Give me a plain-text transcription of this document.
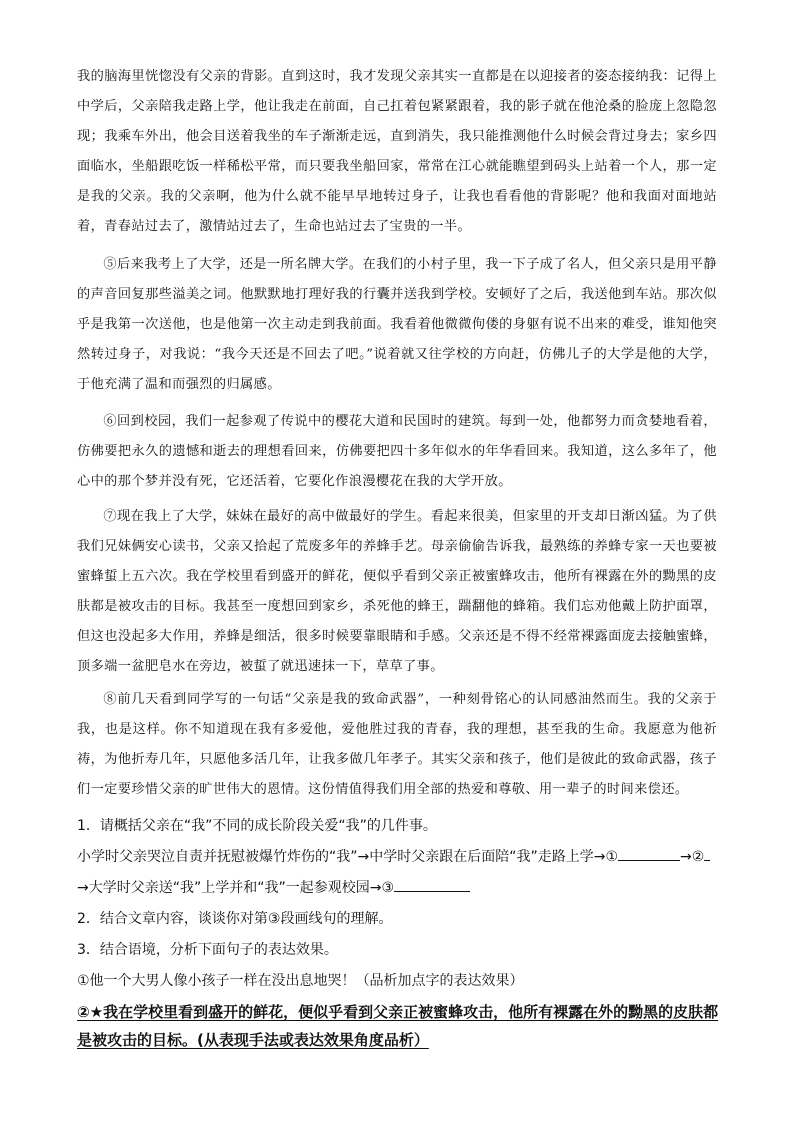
我的脑海里恍惚没有父亲的背影。直到这时，我才发现父亲其实一直都是在以迎接者的姿态接纳我：记得上中学后，父亲陪我走路上学，他让我走在前面，自己扛着包紧紧跟着，我的影子就在他沧桑的脸庞上忽隐忽现；我乘车外出，他会目送着我坐的车子渐渐走远，直到消失，我只能推测他什么时候会背过身去；家乡四面临水，坐船跟吃饭一样稀松平常，而只要我坐船回家，常常在江心就能瞧望到码头上站着一个人，那一定是我的父亲。我的父亲啊，他为什么就不能早早地转过身子，让我也看看他的背影呢？他和我面对面地站着，青春站过去了，激情站过去了，生命也站过去了宝贵的一半。
⑤后来我考上了大学，还是一所名牌大学。在我们的小村子里，我一下子成了名人，但父亲只是用平静的声音回复那些溢美之词。他默默地打理好我的行囊并送我到学校。安顿好了之后，我送他到车站。那次似乎是我第一次送他，也是他第一次主动走到我前面。我看着他微微佝偻的身躯有说不出来的难受，谁知他突然转过身子，对我说：“我今天还是不回去了吧。”说着就又往学校的方向赶，仿佛儿子的大学是他的大学，于他充满了温和而强烈的归属感。
⑥回到校园，我们一起参观了传说中的樱花大道和民国时的建筑。每到一处，他都努力而贪婪地看着，仿佛要把永久的遗憾和逝去的理想看回来，仿佛要把四十多年似水的年华看回来。我知道，这么多年了，他心中的那个梦并没有死，它还活着，它要化作浪漫樱花在我的大学开放。
⑦现在我上了大学，妹妹在最好的高中做最好的学生。看起来很美，但家里的开支却日渐凶猛。为了供我们兄妹俩安心读书，父亲又拾起了荒废多年的养蜂手艺。母亲偷偷告诉我，最熟练的养蜂专家一天也要被蜜蜂蜇上五六次。我在学校里看到盛开的鲜花，便似乎看到父亲正被蜜蜂攻击，他所有裸露在外的黝黑的皮肤都是被攻击的目标。我甚至一度想回到家乡，杀死他的蜂王，踹翻他的蜂箱。我们忘劝他戴上防护面罩，但这也没起多大作用，养蜂是细活，很多时候要靠眼睛和手感。父亲还是不得不经常裸露面庞去接触蜜蜂，顶多端一盆肥皂水在旁边，被蜇了就迅速抹一下，草草了事。
⑧前几天看到同学写的一句话“父亲是我的致命武器”，一种刻骨铭心的认同感油然而生。我的父亲于我，也是这样。你不知道现在我有多爱他，爱他胜过我的青春，我的理想，甚至我的生命。我愿意为他祈祷，为他折寿几年，只愿他多活几年，让我多做几年孝子。其实父亲和孩子，他们是彼此的致命武器，孩子们一定要珍惜父亲的旷世伟大的恩情。这份情值得我们用全部的热爱和尊敬、用一辈子的时间来偿还。
1．请概括父亲在“我”不同的成长阶段关爱“我”的几件事。
小学时父亲哭泣自责并抚慰被爆竹炸伤的“我”→中学时父亲跟在后面陪“我”走路上学→①	→②
→大学时父亲送“我”上学并和“我”一起参观校园→③
2．结合文章内容，谈谈你对第③段画线句的理解。
3．结合语境，分析下面句子的表达效果。
①他一个大男人像小孩子一样在没出息地哭！（品析加点字的表达效果）
②★我在学校里看到盛开的鲜花，便似乎看到父亲正被蜜蜂攻击，他所有裸露在外的黝黑的皮肤都是被攻击的目标。(从表现手法或表达效果角度品析）
